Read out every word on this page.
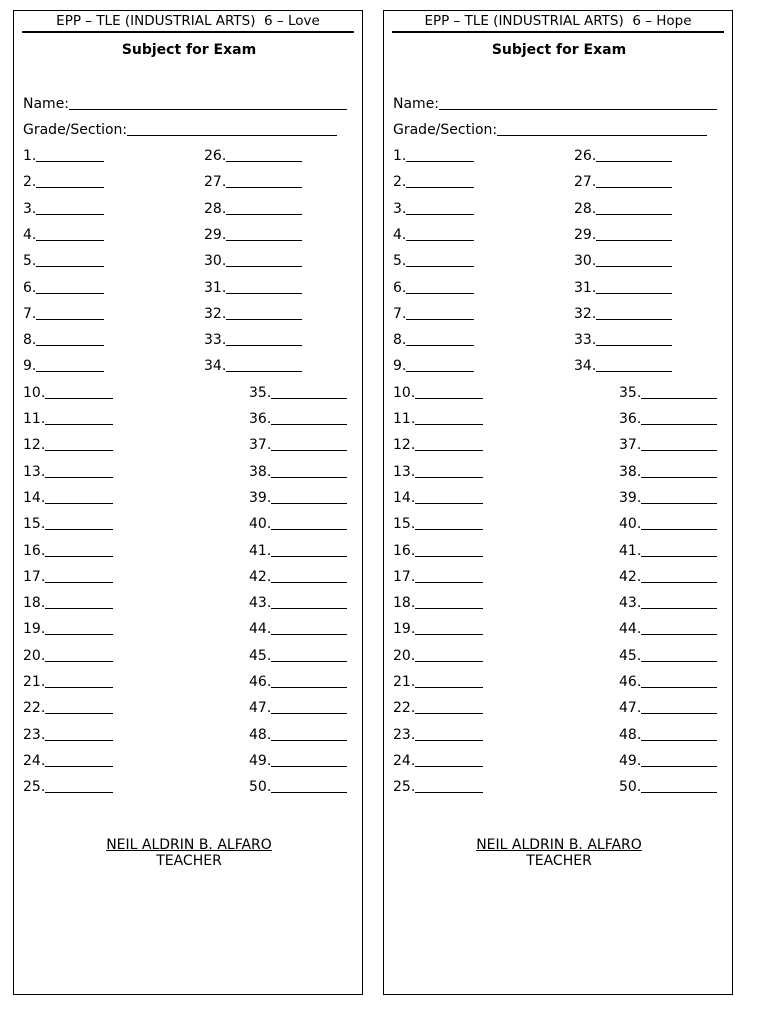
EPP – TLE (INDUSTRIAL ARTS)  6 – Love
Subject for Exam
Name:
Grade/Section:
1.
2.
3.
4.
5.
6.
7.
8.
9.
10.
11.
12.
13.
14.
15.
16.
17.
18.
19.
20.
21.
22.
23.
24.
25.
26.
27.
28.
29.
30.
31.
32.
33.
34.
35.
36.
37.
38.
39.
40.
41.
42.
43.
44.
45.
46.
47.
48.
49.
50.
NEIL ALDRIN B. ALFARO
TEACHER
EPP – TLE (INDUSTRIAL ARTS)  6 – Hope
Subject for Exam
Name:
Grade/Section:
1.
2.
3.
4.
5.
6.
7.
8.
9.
10.
11.
12.
13.
14.
15.
16.
17.
18.
19.
20.
21.
22.
23.
24.
25.
26.
27.
28.
29.
30.
31.
32.
33.
34.
35.
36.
37.
38.
39.
40.
41.
42.
43.
44.
45.
46.
47.
48.
49.
50.
NEIL ALDRIN B. ALFARO
TEACHER
